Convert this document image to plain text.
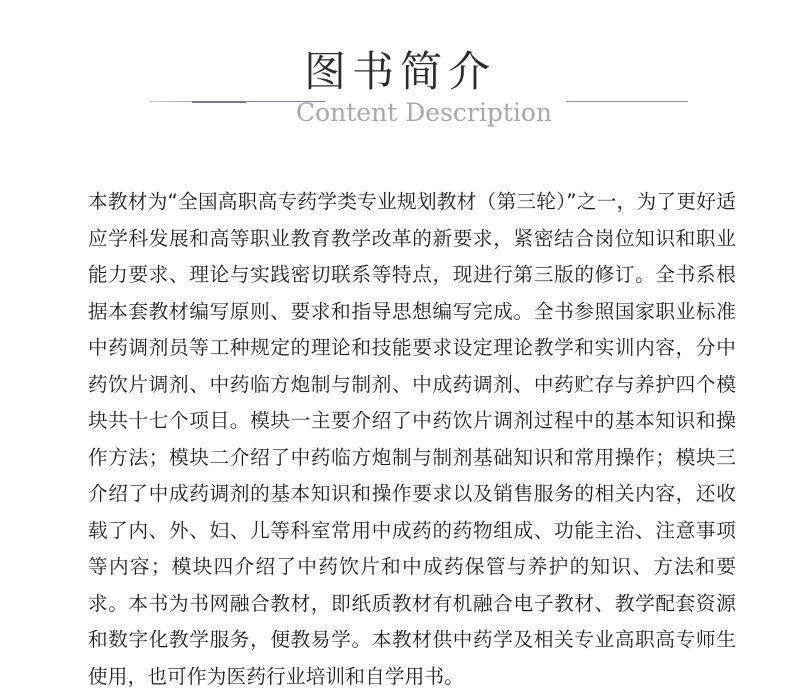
图书简介
Content Description
本教材为“全国高职高专药学类专业规划教材（第三轮）”之一，为了更好适应学科发展和高等职业教育教学改革的新要求，紧密结合岗位知识和职业能力要求、理论与实践密切联系等特点，现进行第三版的修订。全书系根据本套教材编写原则、要求和指导思想编写完成。全书参照国家职业标准中药调剂员等工种规定的理论和技能要求设定理论教学和实训内容，分中药饮片调剂、中药临方炮制与制剂、中成药调剂、中药贮存与养护四个模块共十七个项目。模块一主要介绍了中药饮片调剂过程中的基本知识和操作方法；模块二介绍了中药临方炮制与制剂基础知识和常用操作；模块三介绍了中成药调剂的基本知识和操作要求以及销售服务的相关内容，还收载了内、外、妇、儿等科室常用中成药的药物组成、功能主治、注意事项等内容；模块四介绍了中药饮片和中成药保管与养护的知识、方法和要求。本书为书网融合教材，即纸质教材有机融合电子教材、教学配套资源和数字化教学服务，便教易学。本教材供中药学及相关专业高职高专师生使用，也可作为医药行业培训和自学用书。
